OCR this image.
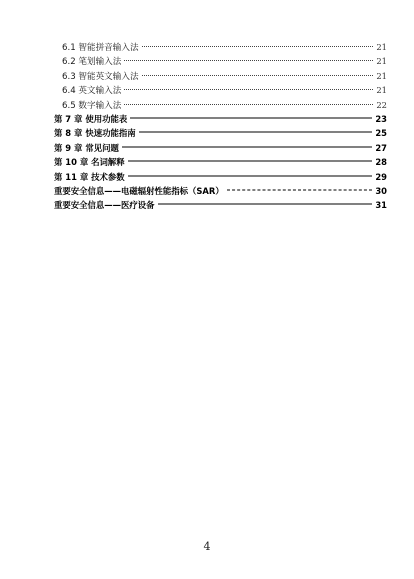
6.1 智能拼音输入法	21
6.2 笔划输入法	21
6.3 智能英文输入法	21
6.4 英文输入法	21
6.5 数字输入法	22
第 7 章 使用功能表	23
第 8 章 快速功能指南	25
第 9 章 常见问题	27
第 10 章 名词解释	28
第 11 章 技术参数	29
重要安全信息——电磁辐射性能指标（SAR）	30
重要安全信息——医疗设备	31
4
